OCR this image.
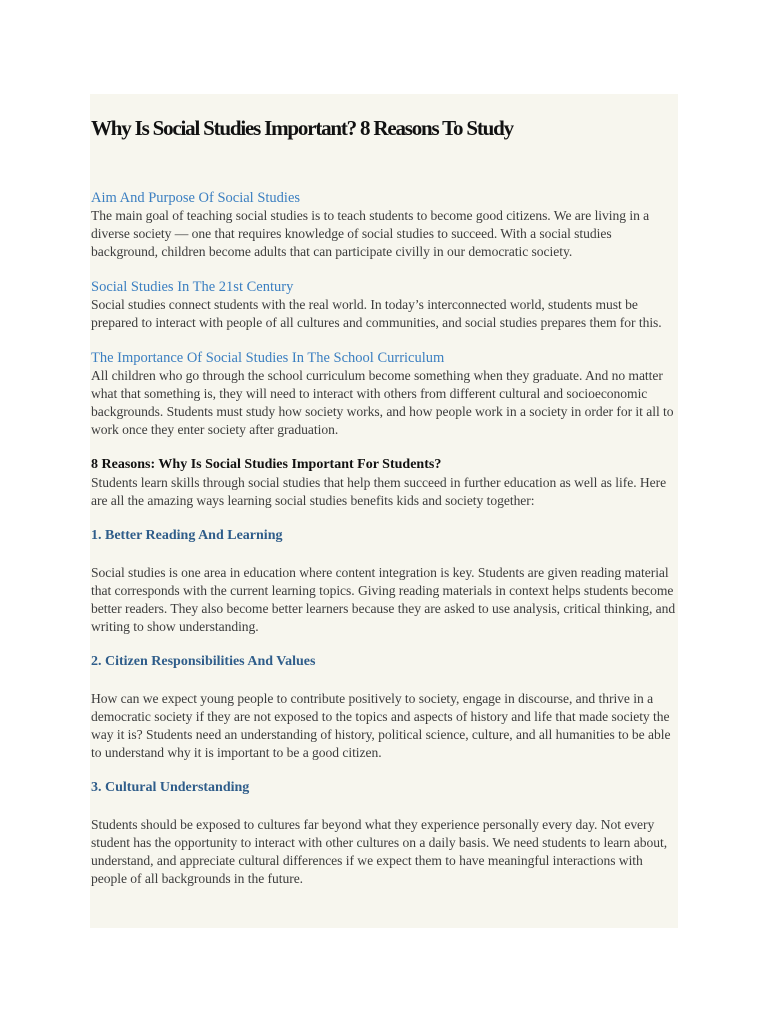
Why Is Social Studies Important? 8 Reasons To Study
Aim And Purpose Of Social Studies

The main goal of teaching social studies is to teach students to become good citizens. We are living in a diverse society — one that requires knowledge of social studies to succeed. With a social studies background, children become adults that can participate civilly in our democratic society.

Social Studies In The 21st Century

Social studies connect students with the real world. In today’s interconnected world, students must be prepared to interact with people of all cultures and communities, and social studies prepares them for this.

The Importance Of Social Studies In The School Curriculum

All children who go through the school curriculum become something when they graduate. And no matter what that something is, they will need to interact with others from different cultural and socioeconomic backgrounds. Students must study how society works, and how people work in a society in order for it all to work once they enter society after graduation.

8 Reasons: Why Is Social Studies Important For Students?

Students learn skills through social studies that help them succeed in further education as well as life. Here are all the amazing ways learning social studies benefits kids and society together:

1. Better Reading And Learning

Social studies is one area in education where content integration is key. Students are given reading material that corresponds with the current learning topics. Giving reading materials in context helps students become better readers. They also become better learners because they are asked to use analysis, critical thinking, and writing to show understanding.

2. Citizen Responsibilities And Values

How can we expect young people to contribute positively to society, engage in discourse, and thrive in a democratic society if they are not exposed to the topics and aspects of history and life that made society the way it is? Students need an understanding of history, political science, culture, and all humanities to be able to understand why it is important to be a good citizen.

3. Cultural Understanding

Students should be exposed to cultures far beyond what they experience personally every day. Not every student has the opportunity to interact with other cultures on a daily basis. We need students to learn about, understand, and appreciate cultural differences if we expect them to have meaningful interactions with people of all backgrounds in the future.
